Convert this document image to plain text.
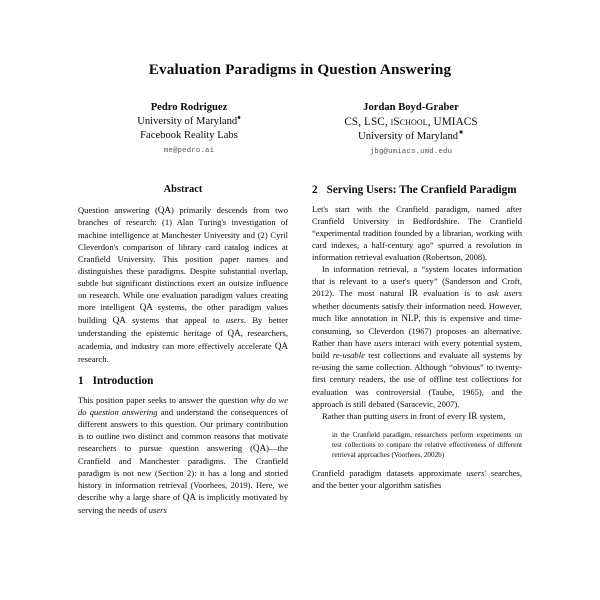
Evaluation Paradigms in Question Answering
Pedro Rodriguez
University of Maryland♦
Facebook Reality Labs
me@pedro.ai
Jordan Boyd-Graber
CS, LSC, iSchool, UMIACS
University of Maryland✷
jbg@umiacs.umd.edu
Abstract

Question answering (QA) primarily descends from two branches of research: (1) Alan Turing's investigation of machine intelligence at Manchester University and (2) Cyril Cleverdon's comparison of library card catalog indices at Cranfield University. This position paper names and distinguishes these paradigms. Despite substantial overlap, subtle but significant distinctions exert an outsize influence on research. While one evaluation paradigm values creating more intelligent QA systems, the other paradigm values building QA systems that appeal to users. By better understanding the epistemic heritage of QA, researchers, academia, and industry can more effectively accelerate QA research.

1 Introduction

This position paper seeks to answer the question why do we do question answering and understand the consequences of different answers to this question. Our primary contribution is to outline two distinct and common reasons that motivate researchers to pursue question answering (QA)—the Cranfield and Manchester paradigms. The Cranfield paradigm is not new (Section 2): it has a long and storied history in information retrieval (Voorhees, 2019). Here, we describe why a large share of QA is implicitly motivated by serving the needs of users

2 Serving Users: The Cranfield Paradigm

Let's start with the Cranfield paradigm, named after Cranfield University in Bedfordshire. The Cranfield “experimental tradition founded by a librarian, working with card indexes, a half-century ago” spurred a revolution in information retrieval evaluation (Robertson, 2008).

In information retrieval, a “system locates information that is relevant to a user's query” (Sanderson and Croft, 2012). The most natural IR evaluation is to ask users whether documents satisfy their information need. However, much like annotation in NLP, this is expensive and time-consuming, so Cleverdon (1967) proposes an alternative. Rather than have users interact with every potential system, build re-usable test collections and evaluate all systems by re-using the same collection. Although “obvious” to twenty-first century readers, the use of offline test collections for evaluation was controversial (Taube, 1965), and the approach is still debated (Saracevic, 2007).

Rather than putting users in front of every IR system,

in the Cranfield paradigm, researchers perform experiments on test collections to compare the relative effectiveness of different retrieval approaches (Voorhees, 2002b)

Cranfield paradigm datasets approximate users' searches, and the better your algorithm satisfies
